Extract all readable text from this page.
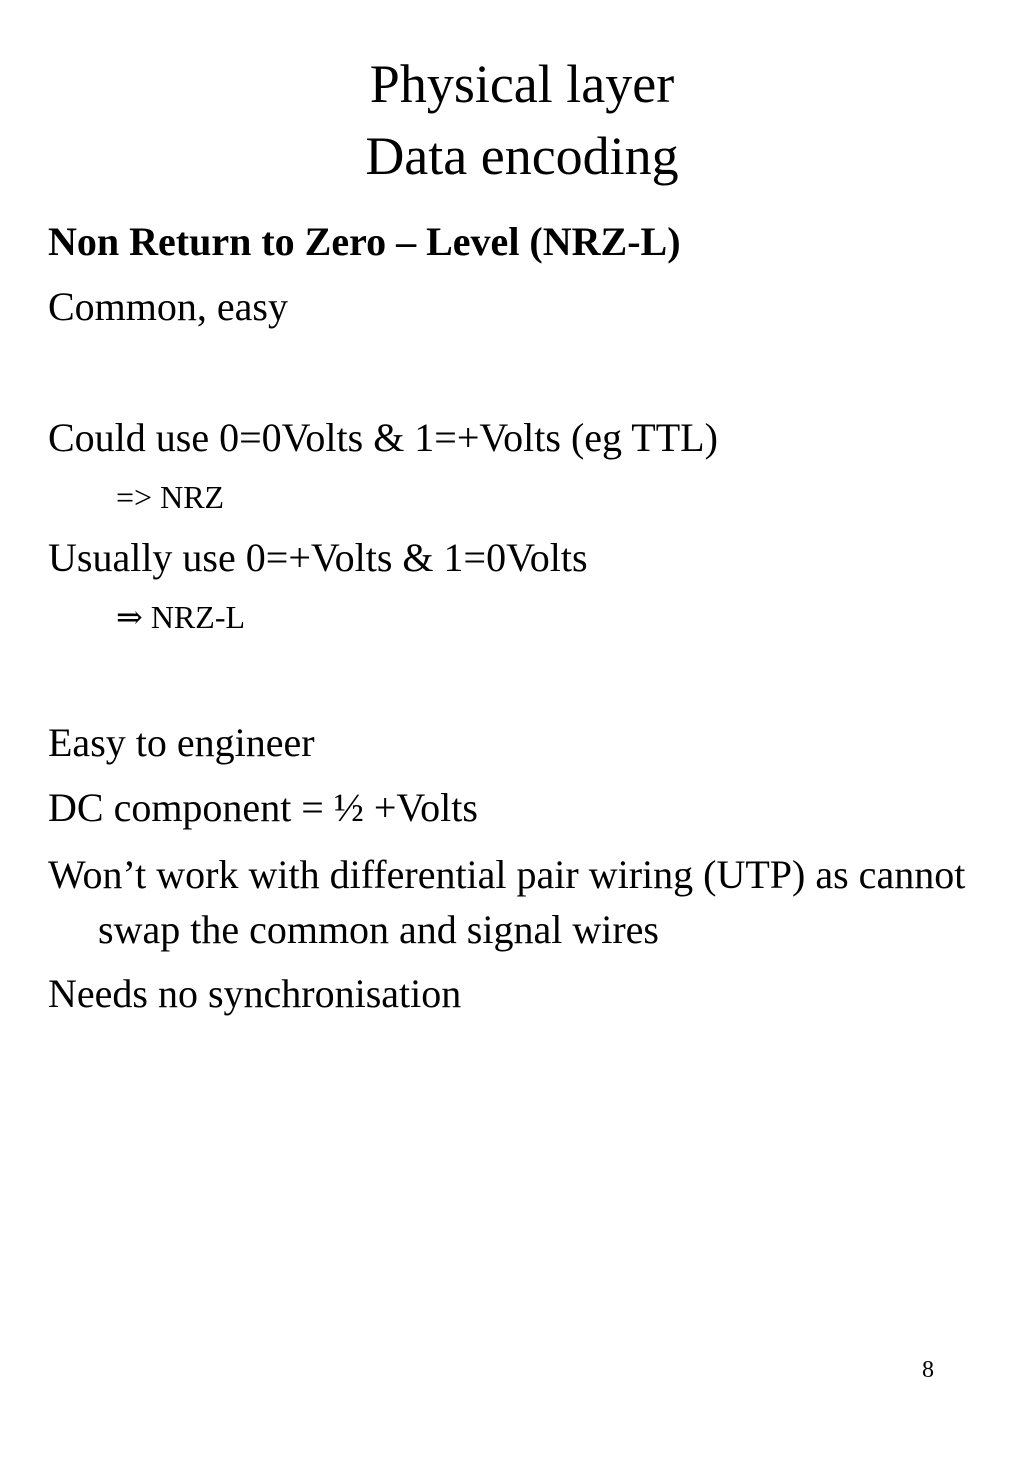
Physical layer
Data encoding
Non Return to Zero – Level (NRZ-L)
Common, easy
Could use 0=0Volts & 1=+Volts (eg TTL)
=> NRZ
Usually use 0=+Volts & 1=0Volts
⇒ NRZ-L
Easy to engineer
DC component = ½ +Volts
Won’t work with differential pair wiring (UTP) as cannot swap the common and signal wires
Needs no synchronisation
8
